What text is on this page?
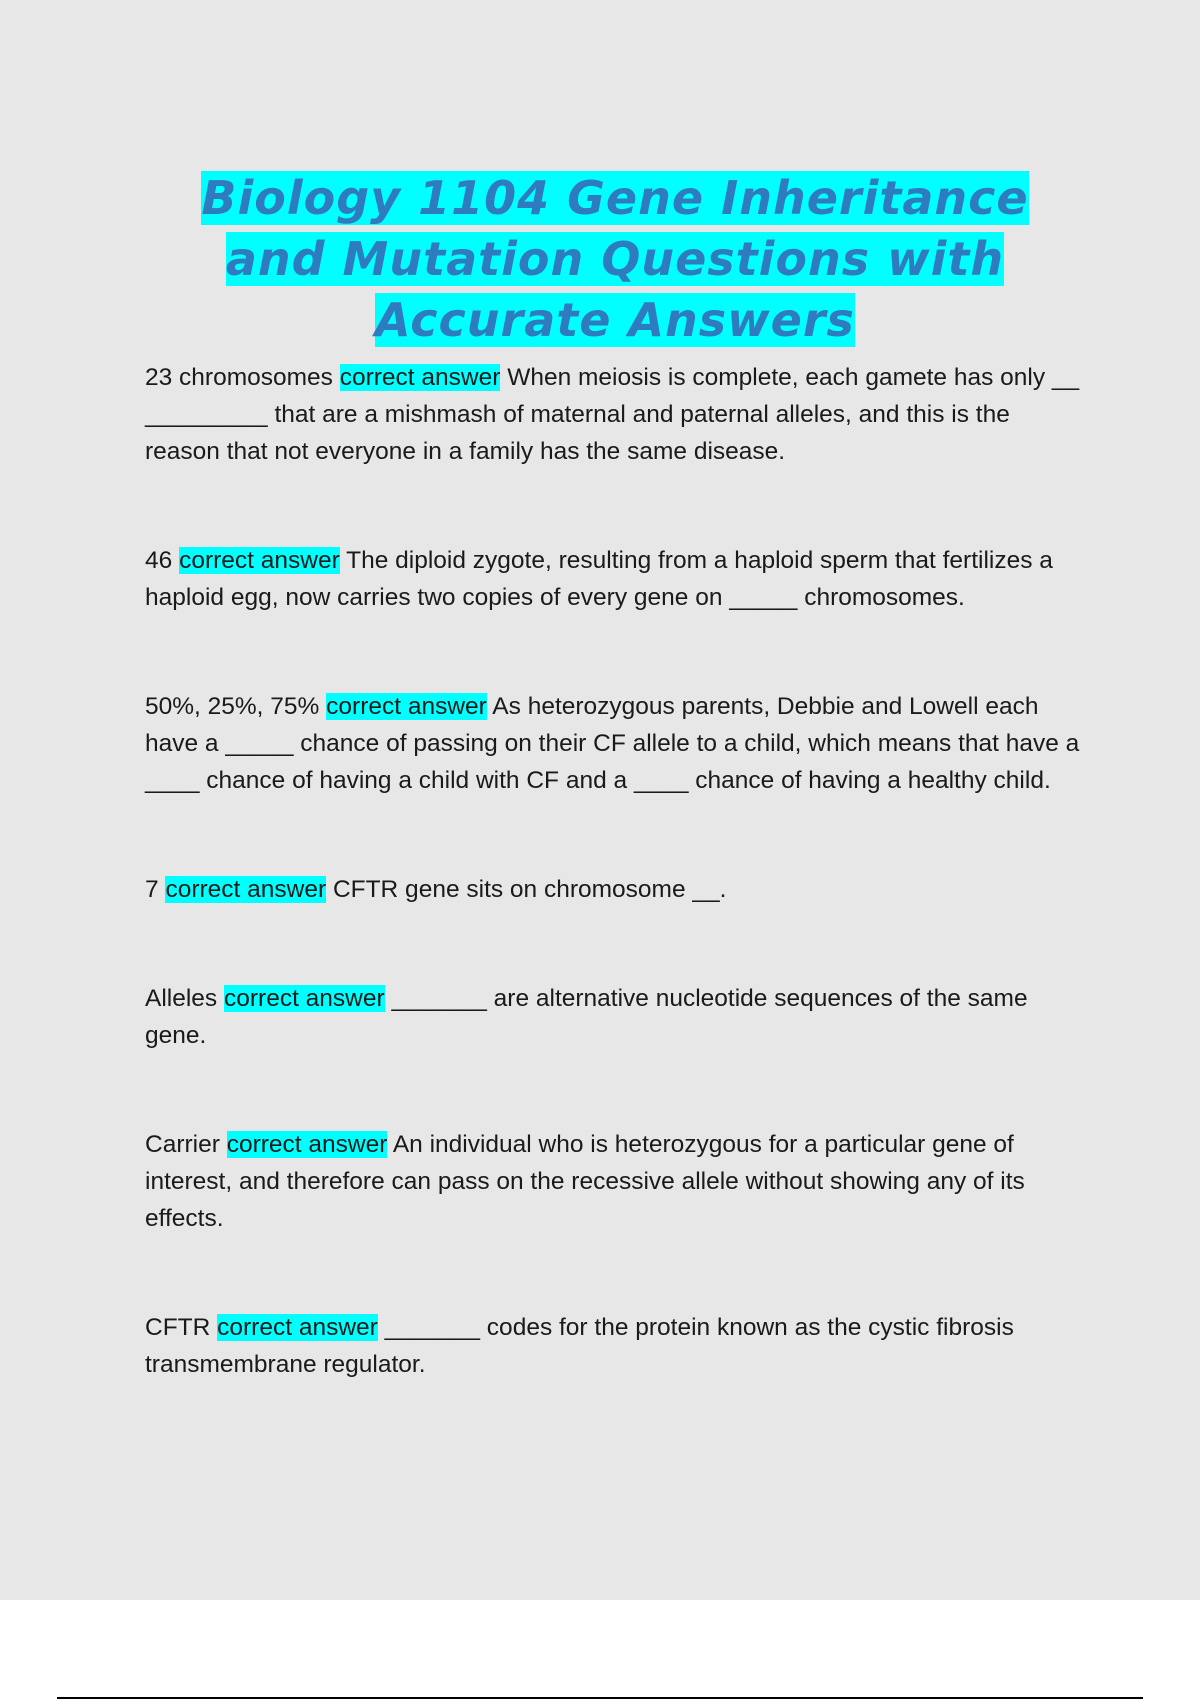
Biology 1104 Gene Inheritance
and Mutation Questions with
Accurate Answers

23 chromosomes correct answer When meiosis is complete, each gamete has only __ _________ that are a mishmash of maternal and paternal alleles, and this is the reason that not everyone in a family has the same disease.

46 correct answer The diploid zygote, resulting from a haploid sperm that fertilizes a haploid egg, now carries two copies of every gene on _____ chromosomes.

50%, 25%, 75% correct answer As heterozygous parents, Debbie and Lowell each have a _____ chance of passing on their CF allele to a child, which means that have a ____ chance of having a child with CF and a ____ chance of having a healthy child.

7 correct answer CFTR gene sits on chromosome __.

Alleles correct answer _______ are alternative nucleotide sequences of the same gene.

Carrier correct answer An individual who is heterozygous for a particular gene of interest, and therefore can pass on the recessive allele without showing any of its effects.

CFTR correct answer _______ codes for the protein known as the cystic fibrosis transmembrane regulator.
